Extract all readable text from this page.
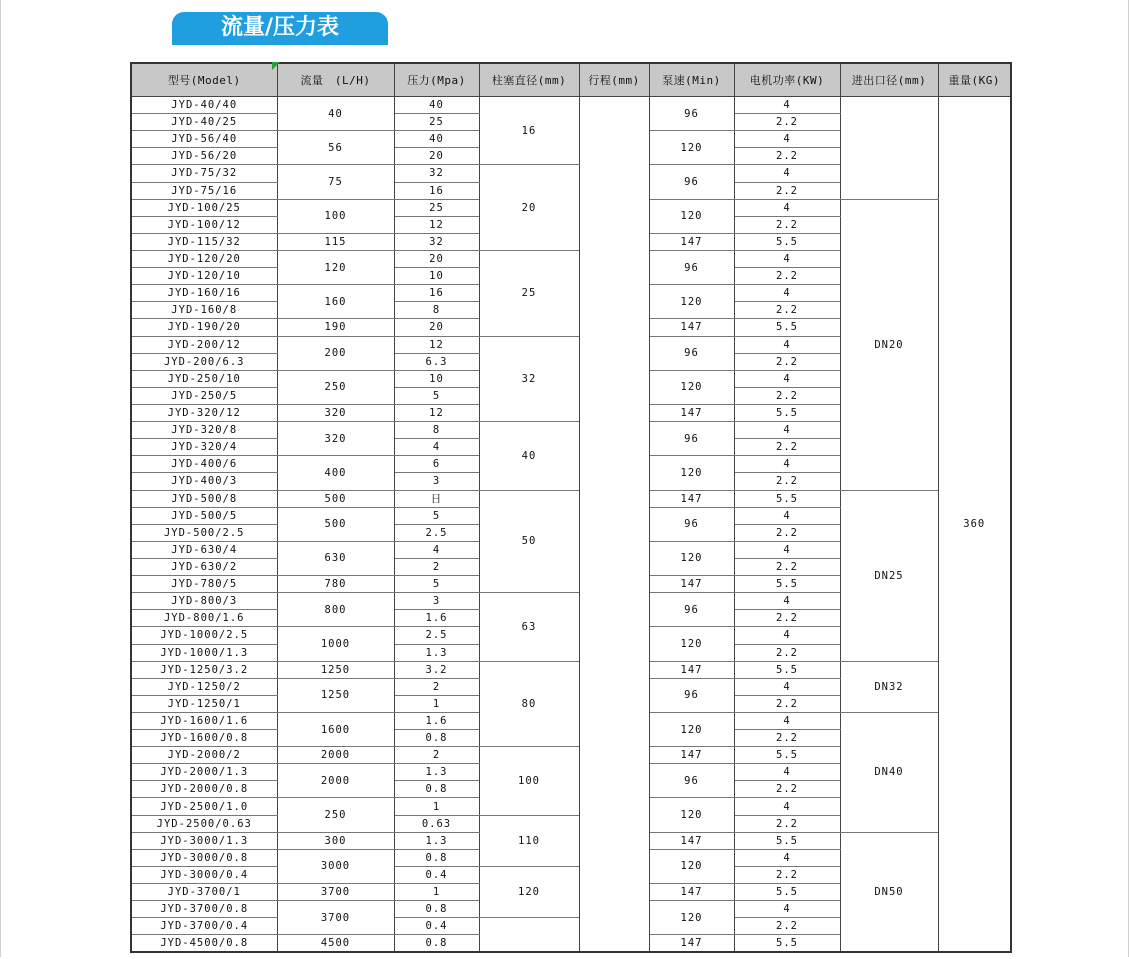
流量/压力表
型号(Model)	流量　(L/H)	压力(Mpa)	柱塞直径(mm)	行程(mm)	泵速(Min)	电机功率(KW)	进出口径(mm)	重量(KG)
JYD-40/40	40	40	16		96	4		360
JYD-40/25		25				2.2		
JYD-56/40	56	40			120	4		
JYD-56/20		20				2.2		
JYD-75/32	75	32	20		96	4		
JYD-75/16		16				2.2		
JYD-100/25	100	25			120	4	DN20	
JYD-100/12		12				2.2		
JYD-115/32	115	32			147	5.5		
JYD-120/20	120	20	25		96	4		
JYD-120/10		10				2.2		
JYD-160/16	160	16			120	4		
JYD-160/8		8				2.2		
JYD-190/20	190	20			147	5.5		
JYD-200/12	200	12	32		96	4		
JYD-200/6.3		6.3				2.2		
JYD-250/10	250	10			120	4		
JYD-250/5		5				2.2		
JYD-320/12	320	12			147	5.5		
JYD-320/8	320	8	40		96	4		
JYD-320/4		4				2.2		
JYD-400/6	400	6			120	4		
JYD-400/3		3				2.2		
JYD-500/8	500	日	50		147	5.5	DN25	
JYD-500/5	500	5			96	4		
JYD-500/2.5		2.5				2.2		
JYD-630/4	630	4			120	4		
JYD-630/2		2				2.2		
JYD-780/5	780	5			147	5.5		
JYD-800/3	800	3	63		96	4		
JYD-800/1.6		1.6				2.2		
JYD-1000/2.5	1000	2.5			120	4		
JYD-1000/1.3		1.3				2.2		
JYD-1250/3.2	1250	3.2	80		147	5.5	DN32	
JYD-1250/2	1250	2			96	4		
JYD-1250/1		1				2.2		
JYD-1600/1.6	1600	1.6			120	4	DN40	
JYD-1600/0.8		0.8				2.2		
JYD-2000/2	2000	2	100		147	5.5		
JYD-2000/1.3	2000	1.3			96	4		
JYD-2000/0.8		0.8				2.2		
JYD-2500/1.0	250	1			120	4		
JYD-2500/0.63		0.63	110			2.2		
JYD-3000/1.3	300	1.3			147	5.5	DN50	
JYD-3000/0.8	3000	0.8			120	4		
JYD-3000/0.4		0.4	120			2.2		
JYD-3700/1	3700	1			147	5.5		
JYD-3700/0.8	3700	0.8			120	4		
JYD-3700/0.4		0.4				2.2		
JYD-4500/0.8	4500	0.8			147	5.5		
